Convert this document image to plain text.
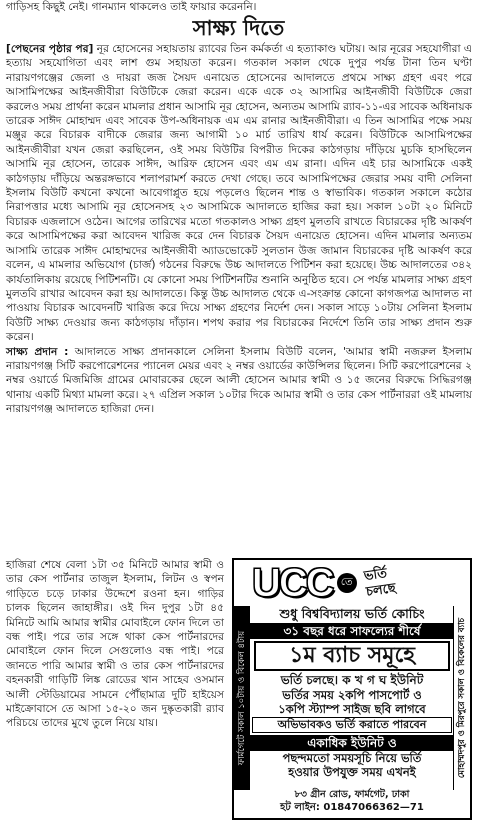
গাড়িসহ কিছুই নেই। গানম্যান থাকলেও তাই ফায়ার করেননি।
সাক্ষ্য দিতে

[পেছনের পৃষ্ঠার পর] নূর হোসেনের সহায়তায় র‌্যাবের তিন কর্মকর্তা এ হত্যাকাণ্ড ঘটায়। আর নূরের সহযোগীরা এ হত্যায় সহযোগিতা এবং লাশ গুম সহায়তা করেন। গতকাল সকাল থেকে দুপুর পর্যন্ত টানা তিন ঘণ্টা নারায়ণগঞ্জের জেলা ও দায়রা জজ সৈয়দ এনায়েত হোসেনের আদালতে প্রথমে সাক্ষ্য গ্রহণ এবং পরে আসামিপক্ষের আইনজীবীরা বিউটিকে জেরা করেন। একে একে ৩২ আসামির আইনজীবী বিউটিকে জেরা করলেও সময় প্রার্থনা করেন মামলার প্রধান আসামি নূর হোসেন, অন্যতম আসামি র‌্যাব-১১-এর সাবেক অধিনায়ক তারেক সাঈদ মোহাম্মদ এবং সাবেক উপ-অধিনায়ক এম এম রানার আইনজীবীরা। এ তিন আসামির পক্ষে সময় মঞ্জুর করে বিচারক বাদীকে জেরার জন্য আগামী ১০ মার্চ তারিখ ধার্য করেন। বিউটিকে আসামিপক্ষের আইনজীবীরা যখন জেরা করছিলেন, ওই সময় বিউটির বিপরীত দিকের কাঠগড়ায় দাঁড়িয়ে মুচকি হাসছিলেন আসামি নূর হোসেন, তারেক সাঈদ, আরিফ হোসেন এবং এম এম রানা। এদিন এই চার আসামিকে একই কাঠগড়ায় দাঁড়িয়ে অন্তরঙ্গভাবে শলাপরামর্শ করতে দেখা গেছে। তবে আসামিপক্ষের জেরার সময় বাদী সেলিনা ইসলাম বিউটি কখনো কখনো আবেগাপ্লুত হয়ে পড়লেও ছিলেন শান্ত ও স্বাভাবিক। গতকাল সকালে কঠোর নিরাপত্তার মধ্যে আসামি নূর হোসেনসহ ২৩ আসামিকে আদালতে হাজির করা হয়। সকাল ১০টা ২০ মিনিটে বিচারক এজলাসে ওঠেন। আগের তারিখের মতো গতকালও সাক্ষ্য গ্রহণ মুলতবি রাখতে বিচারকের দৃষ্টি আকর্ষণ করে আসামিপক্ষের করা আবেদন খারিজ করে দেন বিচারক সৈয়দ এনায়েত হোসেন। এদিন মামলার অন্যতম আসামি তারেক সাঈদ মোহাম্মদের আইনজীবী অ্যাডভোকেট সুলতান উজ জামান বিচারকের দৃষ্টি আকর্ষণ করে বলেন, এ মামলার অভিযোগ (চার্জ) গঠনের বিরুদ্ধে উচ্চ আদালতে পিটিশন করা হয়েছে। উচ্চ আদালতের ৩৪২ কার্যতালিকায় রয়েছে পিটিশনটি। যে কোনো সময় পিটিশনটির শুনানি অনুষ্ঠিত হবে। সে পর্যন্ত মামলার সাক্ষ্য গ্রহণ মুলতবি রাখার আবেদন করা হয় আদালতে। কিন্তু উচ্চ আদালত থেকে এ-সংক্রান্ত কোনো কাগজপত্র আদালত না পাওয়ায় বিচারক আবেদনটি খারিজ করে দিয়ে সাক্ষ্য গ্রহণের নির্দেশ দেন। সকাল সাড়ে ১০টায় সেলিনা ইসলাম বিউটি সাক্ষ্য দেওয়ার জন্য কাঠগড়ায় দাঁড়ান। শপথ করার পর বিচারকের নির্দেশে তিনি তার সাক্ষ্য প্রদান শুরু করেন।

সাক্ষ্য প্রদান : আদালতে সাক্ষ্য প্রদানকালে সেলিনা ইসলাম বিউটি বলেন, 'আমার স্বামী নজরুল ইসলাম নারায়ণগঞ্জ সিটি করপোরেশনের প্যানেল মেয়র এবং ২ নম্বর ওয়ার্ডের কাউন্সিলর ছিলেন। সিটি করপোরেশনের ২ নম্বর ওয়ার্ডে মিজমিজি গ্রামের মোবারকের ছেলে আলী হোসেন আমার স্বামী ও ১৫ জনের বিরুদ্ধে সিদ্ধিরগঞ্জ থানায় একটি মিথ্যা মামলা করে। ২৭ এপ্রিল সকাল ১০টার দিকে আমার স্বামী ও তার কেস পার্টনাররা ওই মামলায় নারায়ণগঞ্জ আদালতে হাজিরা দেন।

হাজিরা শেষে বেলা ১টা ৩৫ মিনিটে আমার স্বামী ও তার কেস পার্টনার তাজুল ইসলাম, লিটন ও স্বপন গাড়িতে চড়ে ঢাকার উদ্দেশে রওনা হন। গাড়ির চালক ছিলেন জাহাঙ্গীর। ওই দিন দুপুর ১টা ৪৫ মিনিটে আমি আমার স্বামীর মোবাইলে ফোন দিলে তা বন্ধ পাই। পরে তার সঙ্গে থাকা কেস পার্টনারদের মোবাইলে ফোন দিলে সেগুলোও বন্ধ পাই। পরে জানতে পারি আমার স্বামী ও তার কেস পার্টনারদের বহনকারী গাড়িটি লিঙ্ক রোডের খান সাহেব ওসমান আলী স্টেডিয়ামের সামনে পৌঁছামাত্র দুটি হাইয়েস মাইক্রোবাসে তে আসা ১৫-২০ জন দুষ্কৃতকারী র‌্যাব পরিচয়ে তাদের মুখে তুলে নিয়ে যায়।

UCC তে ভর্তি
চলছে
ফার্মগেটে সকাল ১০টায় ও বিকেল ৪টায়
শুধু বিশ্ববিদ্যালয় ভর্তি কোচিং
৩১ বছর ধরে সাফল্যের শীর্ষে
১ম ব্যাচ সমূহে
ভর্তি চলছে। ক খ গ ঘ ইউনিট
ভর্তির সময় ২কপি পাসপোর্ট ও
১কপি স্ট্যাম্প সাইজ ছবি লাগবে
অভিভাবকও ভর্তি করাতে পারবেন
একাধিক ইউনিট ও
পছন্দমতো সময়সূচি নিয়ে ভর্তি
হওয়ার উপযুক্ত সময় এখনই	মোহাম্মদপুর ও মিরপুরে সকাল ও বিকেলের ব্যাচ
৮৩ গ্রীন রোড, ফার্মগেট, ঢাকা
হট লাইন: 01847066362—71
